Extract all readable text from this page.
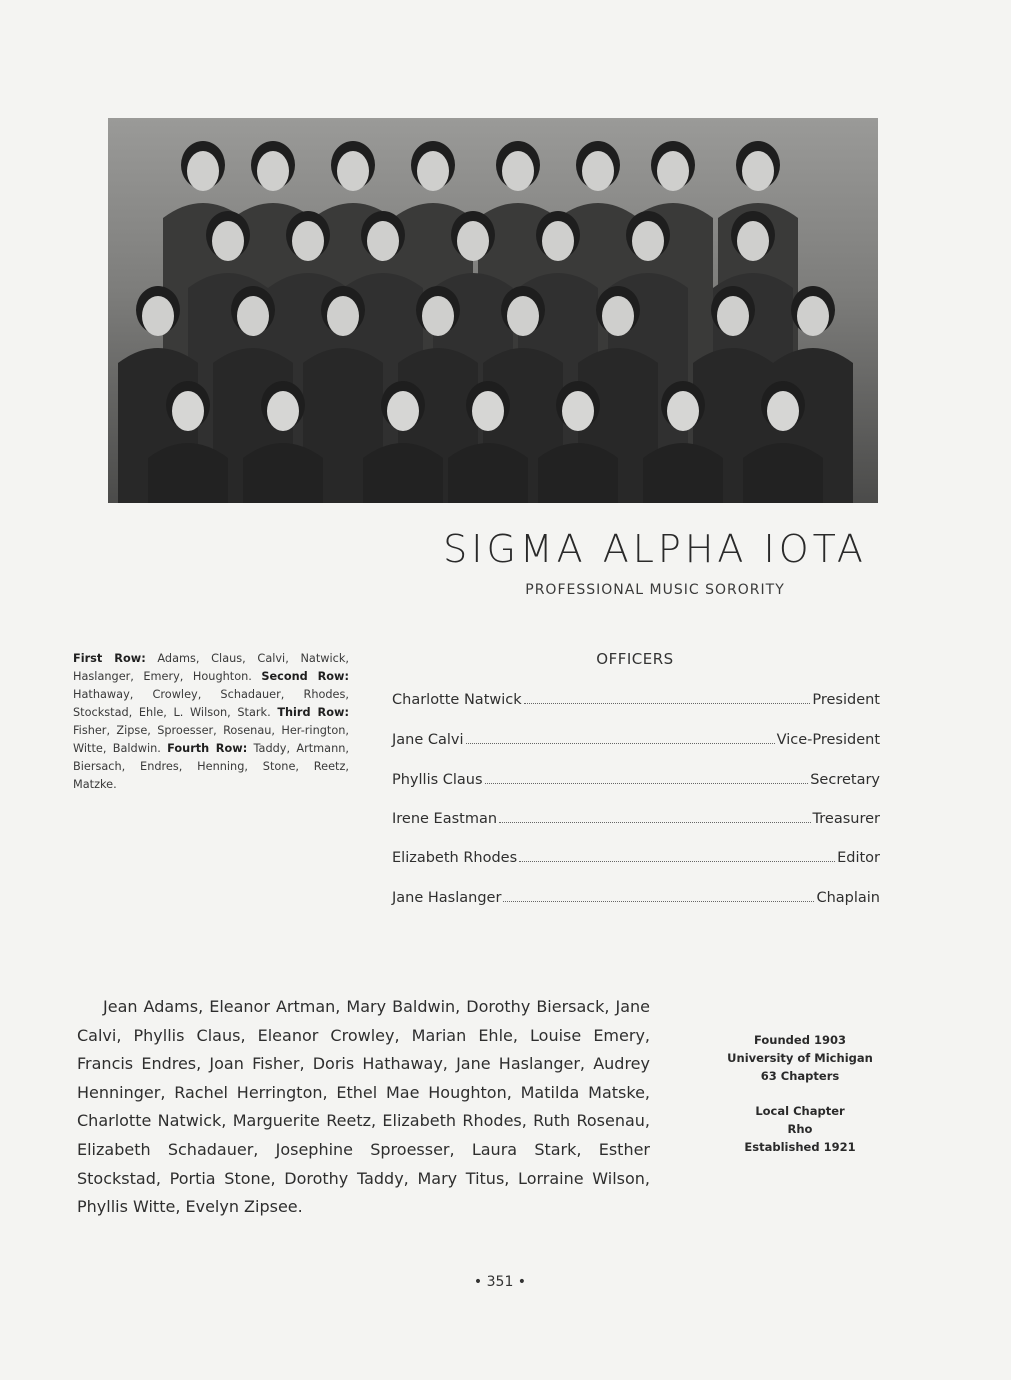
SIGMA ALPHA IOTA
PROFESSIONAL MUSIC SORORITY
First Row: Adams, Claus, Calvi, Natwick, Haslanger, Emery, Houghton. Second Row: Hathaway, Crowley, Schadauer, Rhodes, Stockstad, Ehle, L. Wilson, Stark. Third Row: Fisher, Zipse, Sproesser, Rosenau, Her-rington, Witte, Baldwin. Fourth Row: Taddy, Artmann, Biersach, Endres, Henning, Stone, Reetz, Matzke.
OFFICERS
Charlotte Natwick	President
Jane Calvi	Vice-President
Phyllis Claus	Secretary
Irene Eastman	Treasurer
Elizabeth Rhodes	Editor
Jane Haslanger	Chaplain
Jean Adams, Eleanor Artman, Mary Baldwin, Dorothy Biersack, Jane Calvi, Phyllis Claus, Eleanor Crowley, Marian Ehle, Louise Emery, Francis Endres, Joan Fisher, Doris Hathaway, Jane Haslanger, Audrey Henninger, Rachel Herrington, Ethel Mae Houghton, Matilda Matske, Charlotte Natwick, Marguerite Reetz, Elizabeth Rhodes, Ruth Rosenau, Elizabeth Schadauer, Josephine Sproesser, Laura Stark, Esther Stockstad, Portia Stone, Dorothy Taddy, Mary Titus, Lorraine Wilson, Phyllis Witte, Evelyn Zipsee.
Founded 1903
University of Michigan
63 Chapters
Local Chapter
Rho
Established 1921
• 351 •
